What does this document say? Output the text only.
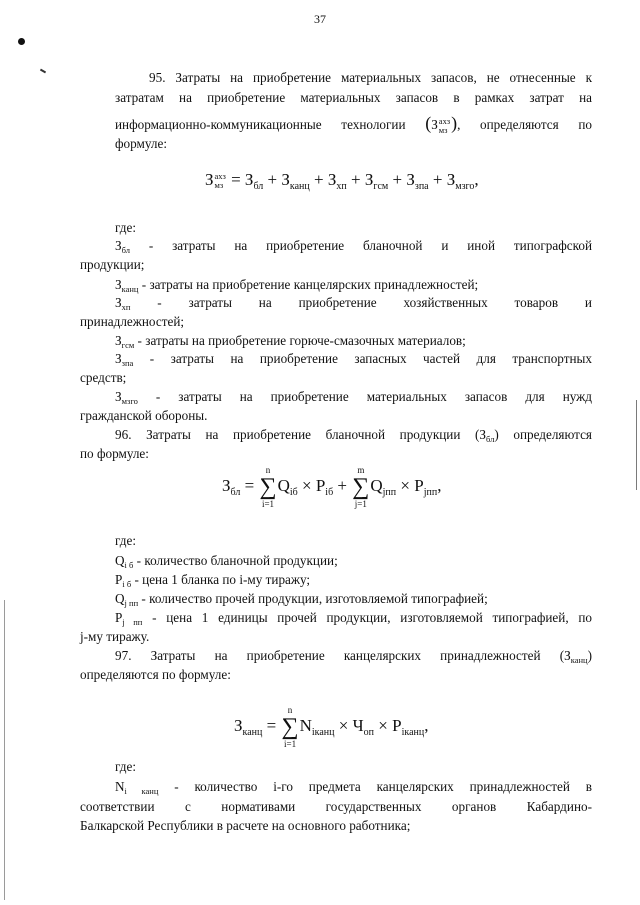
37

95. Затраты на приобретение материальных запасов, не отнесенные к

затратам на приобретение материальных запасов в рамках затрат на

информационно-коммуникационные технологии (З ахз
мз ), определяются по

формуле:

З ахз
мз = $З_{бл} + З_{канц} + З_{хп} + З_{гсм} + З_{зпа} + З_{мзго}$,

где:

$З_{бл}$ - затраты на приобретение бланочной и иной типографской

продукции;

$З_{канц}$ - затраты на приобретение канцелярских принадлежностей;

$З_{хп}$ - затраты на приобретение хозяйственных товаров и

принадлежностей;

$З_{гсм}$ - затраты на приобретение горюче-смазочных материалов;

$З_{зпа}$ - затраты на приобретение запасных частей для транспортных

средств;

$З_{мзго}$ - затраты на приобретение материальных запасов для нужд

гражданской обороны.

96. Затраты на приобретение бланочной продукции $(З_{бл})$ определяются

по формуле:

$З_{бл}$ =
n
∑
i=1
$Q_{iб} \times P_{iб}$ +
m
∑
j=1
$Q_{jпп} \times P_{jпп}$,

где:

$Q_{i б}$ - количество бланочной продукции;

$P_{i б}$ - цена 1 бланка по i-му тиражу;

$Q_{j пп}$ - количество прочей продукции, изготовляемой типографией;

$P_{j пп}$ - цена 1 единицы прочей продукции, изготовляемой типографией, по

j-му тиражу.

97. Затраты на приобретение канцелярских принадлежностей $(З_{канц})$

определяются по формуле:

$З_{канц}$ =
n
∑
i=1
$N_{iканц} \times Ч_{оп} \times P_{iканц}$,

где:

$N_{i канц}$ - количество i-го предмета канцелярских принадлежностей в

соответствии с нормативами государственных органов Кабардино-

Балкарской Республики в расчете на основного работника;
